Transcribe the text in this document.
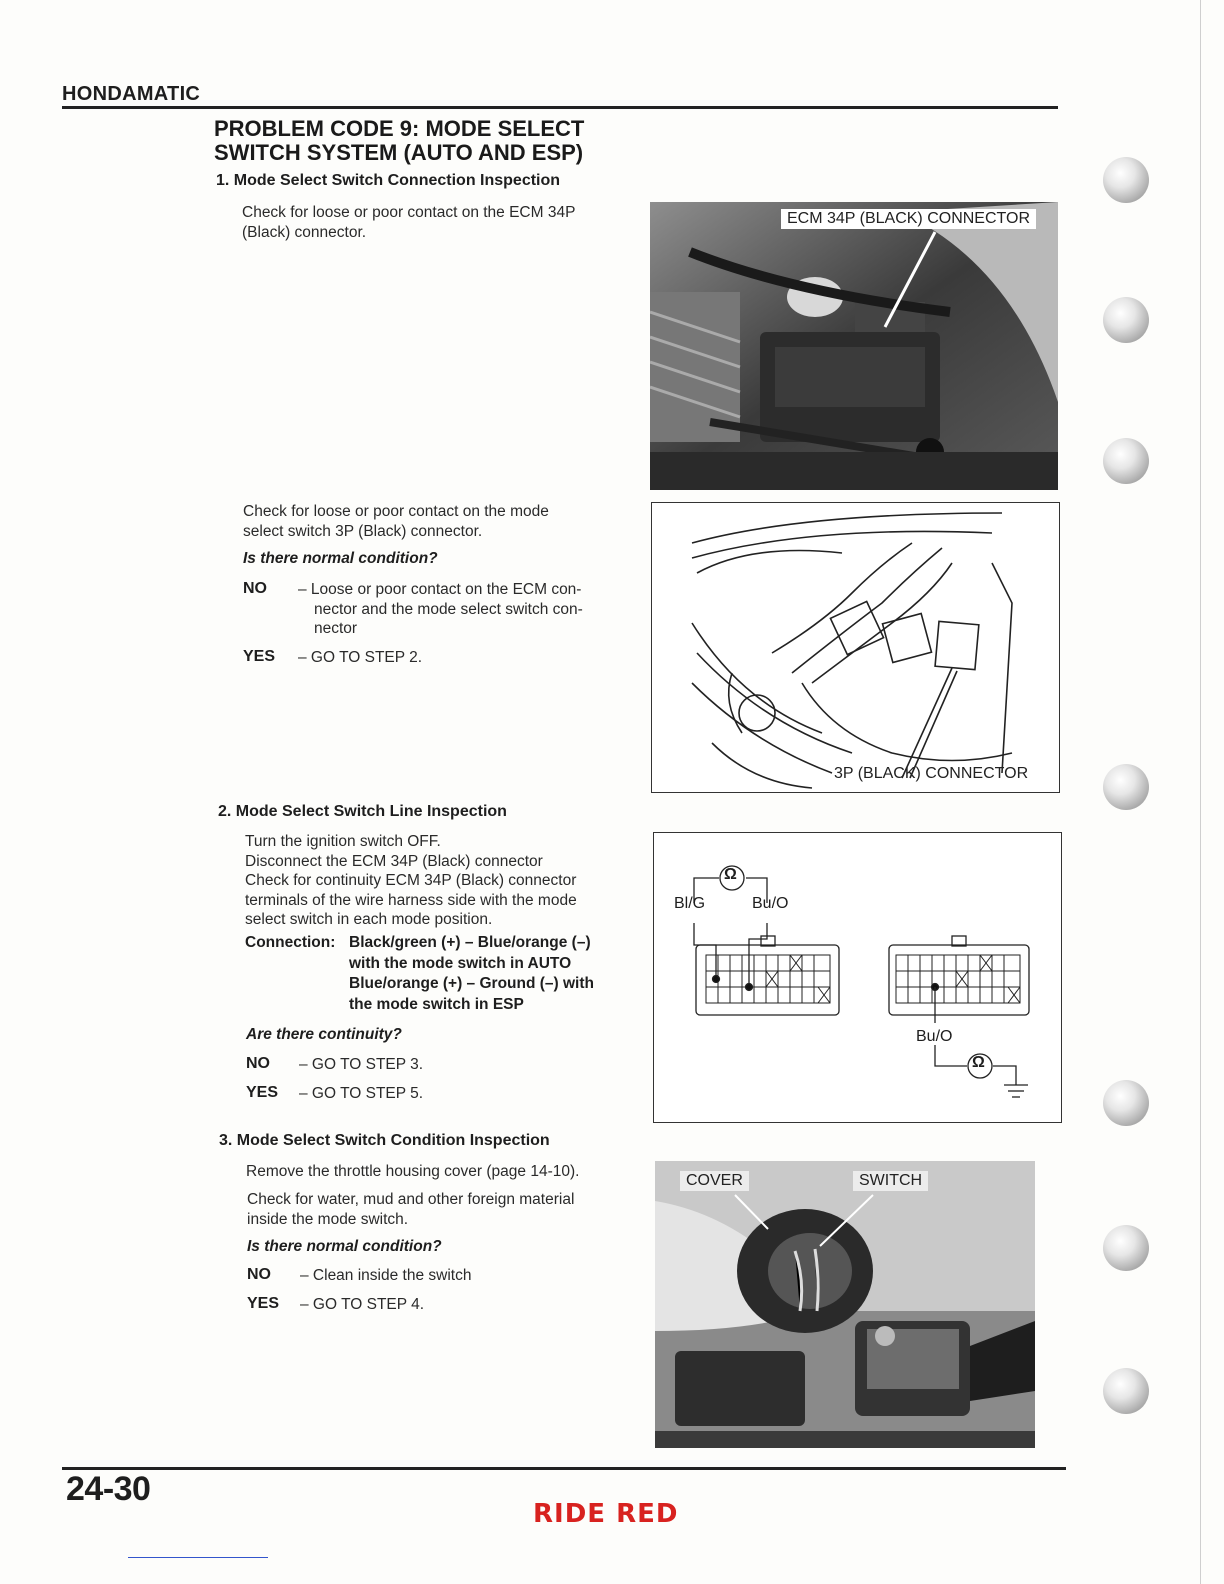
HONDAMATIC
PROBLEM CODE 9: MODE SELECT
SWITCH SYSTEM (AUTO AND ESP)
1. Mode Select Switch Connection Inspection
Check for loose or poor contact on the ECM 34P
(Black) connector.
Check for loose or poor contact on the mode
select switch 3P (Black) connector.
Is there normal condition?
NO – Loose or poor contact on the ECM con-
nector and the mode select switch con-
nector
YES – GO TO STEP 2.
2. Mode Select Switch Line Inspection
Turn the ignition switch OFF.
Disconnect the ECM 34P (Black) connector
Check for continuity ECM 34P (Black) connector
terminals of the wire harness side with the mode
select switch in each mode position.
Connection: Black/green (+) – Blue/orange (–)
with the mode switch in AUTO
Blue/orange (+) – Ground (–) with
the mode switch in ESP
Are there continuity?
NO – GO TO STEP 3.
YES – GO TO STEP 5.
3. Mode Select Switch Condition Inspection
Remove the throttle housing cover (page 14-10).
Check for water, mud and other foreign material
inside the mode switch.
Is there normal condition?
NO – Clean inside the switch
YES – GO TO STEP 4.
ECM 34P (BLACK) CONNECTOR
3P (BLACK) CONNECTOR
Ω
Bl/G	Bu/O
Bu/O
Ω
COVER	SWITCH
24-30
RIDE RED
